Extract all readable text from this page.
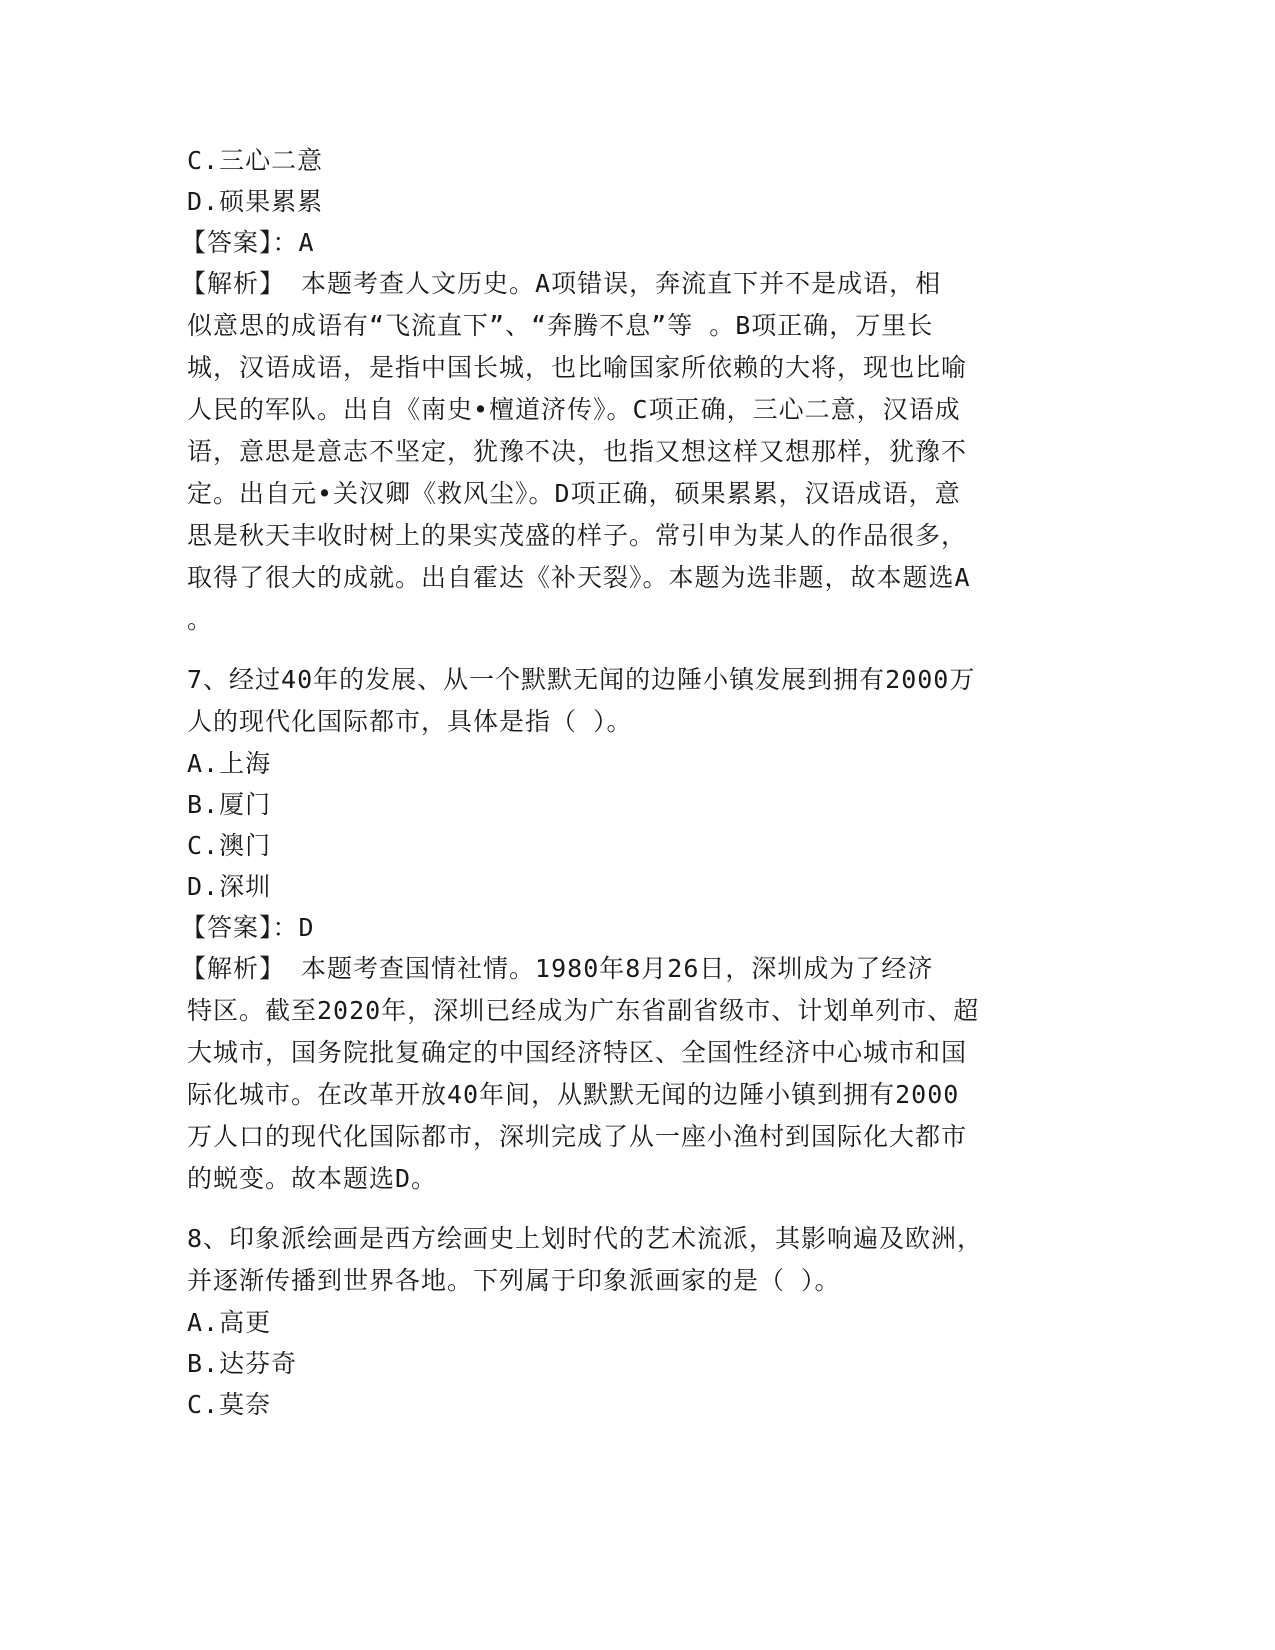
C.三心二意
D.硕果累累
【答案】：A
【解析】 本题考查人文历史。A项错误，奔流直下并不是成语，相
似意思的成语有“飞流直下”、“奔腾不息”等 。B项正确，万里长
城，汉语成语，是指中国长城，也比喻国家所依赖的大将，现也比喻
人民的军队。出自《南史•檀道济传》。C项正确，三心二意，汉语成
语，意思是意志不坚定，犹豫不决，也指又想这样又想那样，犹豫不
定。出自元•关汉卿《救风尘》。D项正确，硕果累累，汉语成语，意
思是秋天丰收时树上的果实茂盛的样子。常引申为某人的作品很多，
取得了很大的成就。出自霍达《补天裂》。本题为选非题，故本题选A
。
7、经过40年的发展、从一个默默无闻的边陲小镇发展到拥有2000万
人的现代化国际都市，具体是指（ ）。
A.上海
B.厦门
C.澳门
D.深圳
【答案】：D
【解析】 本题考查国情社情。1980年8月26日，深圳成为了经济
特区。截至2020年，深圳已经成为广东省副省级市、计划单列市、超
大城市，国务院批复确定的中国经济特区、全国性经济中心城市和国
际化城市。在改革开放40年间，从默默无闻的边陲小镇到拥有2000
万人口的现代化国际都市，深圳完成了从一座小渔村到国际化大都市
的蜕变。故本题选D。
8、印象派绘画是西方绘画史上划时代的艺术流派，其影响遍及欧洲，
并逐渐传播到世界各地。下列属于印象派画家的是（ ）。
A.高更
B.达芬奇
C.莫奈
